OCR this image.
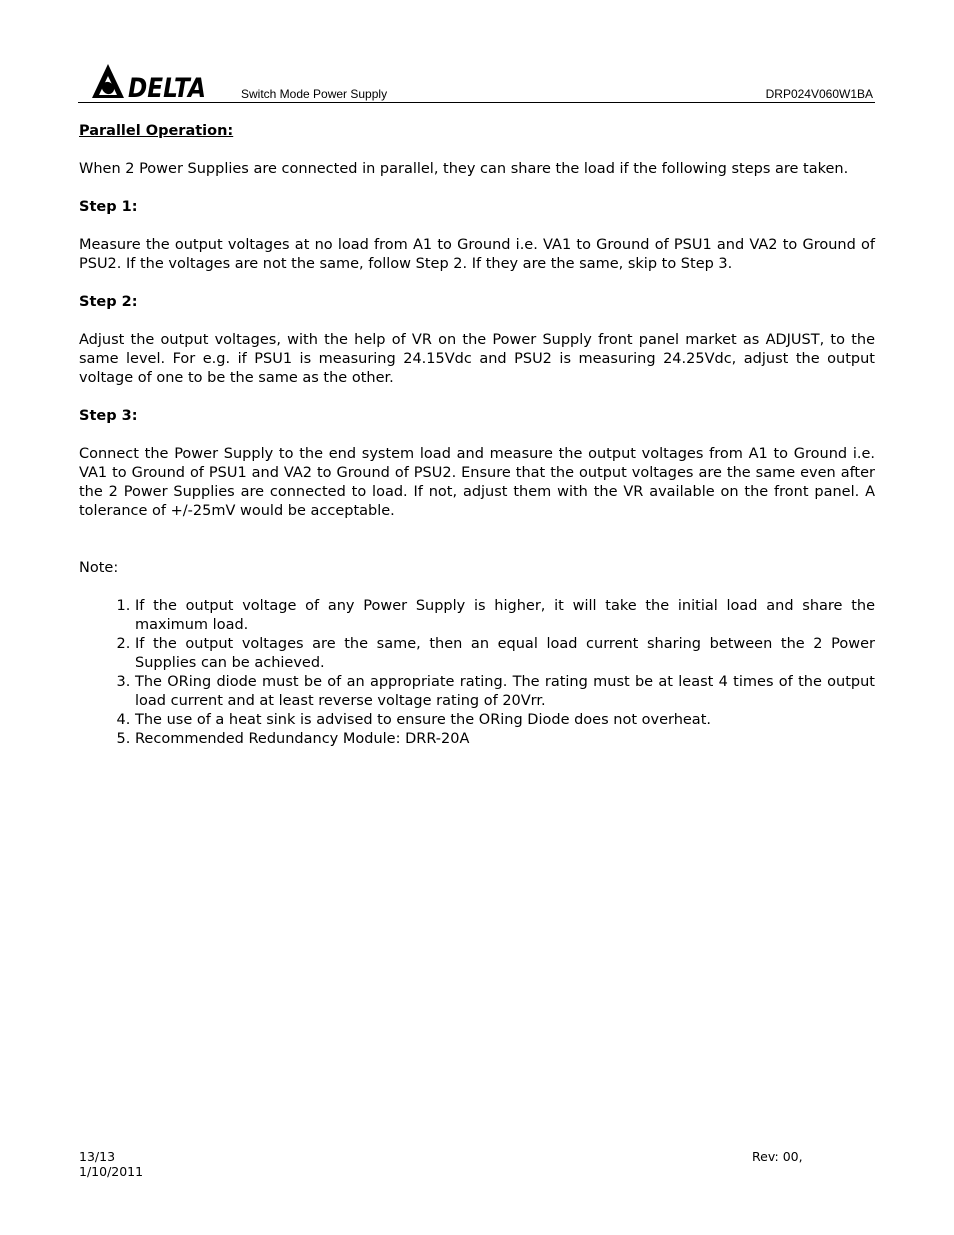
DELTA	Switch Mode Power Supply	DRP024V060W1BA

Parallel Operation:

When 2 Power Supplies are connected in parallel, they can share the load if the following steps are taken.

Step 1:

Measure the output voltages at no load from A1 to Ground i.e. VA1 to Ground of PSU1 and VA2 to Ground of PSU2. If the voltages are not the same, follow Step 2. If they are the same, skip to Step 3.

Step 2:

Adjust the output voltages, with the help of VR on the Power Supply front panel market as ADJUST, to the same level. For e.g. if PSU1 is measuring 24.15Vdc and PSU2 is measuring 24.25Vdc, adjust the output voltage of one to be the same as the other.

Step 3:

Connect the Power Supply to the end system load and measure the output voltages from A1 to Ground i.e. VA1 to Ground of PSU1 and VA2 to Ground of PSU2. Ensure that the output voltages are the same even after the 2 Power Supplies are connected to load. If not, adjust them with the VR available on the front panel. A tolerance of +/-25mV would be acceptable.

Note:

1. If the output voltage of any Power Supply is higher, it will take the initial load and share the maximum load.
2. If the output voltages are the same, then an equal load current sharing between the 2 Power Supplies can be achieved.
3. The ORing diode must be of an appropriate rating. The rating must be at least 4 times of the output load current and at least reverse voltage rating of 20Vrr.
4. The use of a heat sink is advised to ensure the ORing Diode does not overheat.
5. Recommended Redundancy Module: DRR-20A
13/13
1/10/2011
Rev: 00,
